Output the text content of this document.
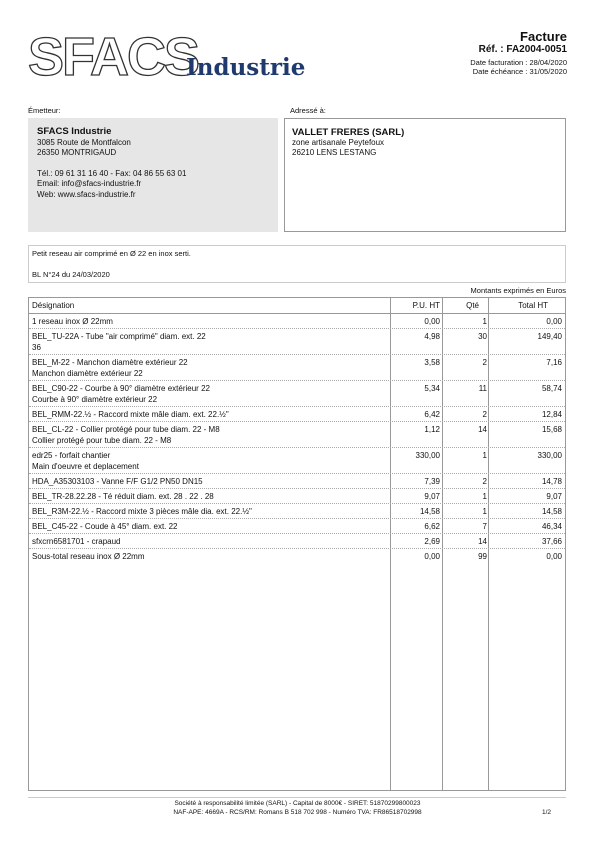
SFACS
Industrie
Facture
Réf. : FA2004-0051
Date facturation : 28/04/2020
Date échéance : 31/05/2020
Émetteur:
SFACS Industrie
3085 Route de Montfalcon
26350 MONTRIGAUD
Tél.: 09 61 31 16 40 - Fax: 04 86 55 63 01
Email: info@sfacs-industrie.fr
Web: www.sfacs-industrie.fr
Adressé à:
VALLET FRERES (SARL)
zone artisanale Peytefoux
26210 LENS LESTANG
Petit reseau air comprimé en Ø 22 en inox serti.
BL N°24 du 24/03/2020
Montants exprimés en Euros
Désignation	P.U. HT	Qté	Total HT
1 reseau inox Ø 22mm	0,00	1	0,00
BEL_TU-22A - Tube "air comprimé" diam. ext. 22
36
4,98	30	149,40
BEL_M-22 - Manchon diamètre extérieur 22
Manchon diamètre extérieur 22
3,58	2	7,16
BEL_C90-22 - Courbe à 90° diamètre extérieur 22
Courbe à 90° diamètre extérieur 22
5,34	11	58,74
BEL_RMM-22.½ - Raccord mixte mâle diam. ext. 22.½"	6,42	2	12,84
BEL_CL-22 - Collier protégé pour tube diam. 22 - M8
Collier protégé pour tube diam. 22 - M8
1,12	14	15,68
edr25 - forfait chantier
Main d'oeuvre et deplacement
330,00	1	330,00
HDA_A35303103 - Vanne F/F G1/2 PN50 DN15	7,39	2	14,78
BEL_TR-28.22.28 - Té réduit diam. ext. 28 . 22 . 28	9,07	1	9,07
BEL_R3M-22.½ - Raccord mixte 3 pièces mâle dia. ext. 22.½"	14,58	1	14,58
BEL_C45-22 - Coude à 45° diam. ext. 22	6,62	7	46,34
sfxcrn6581701 - crapaud	2,69	14	37,66
Sous-total reseau inox Ø 22mm	0,00	99	0,00
Société à responsabilité limitée (SARL) - Capital de 8000€ - SIRET: 51870299800023
NAF-APE: 4669A - RCS/RM: Romans B 518 702 998 - Numéro TVA: FR86518702998	1/2
